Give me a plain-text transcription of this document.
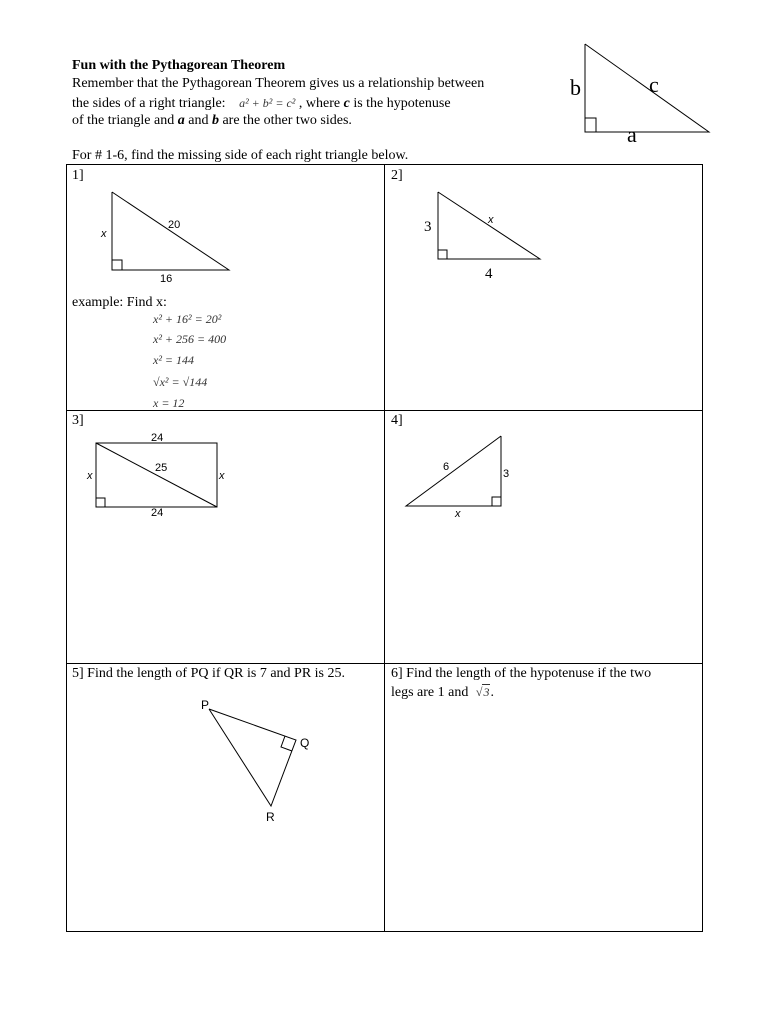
Fun with the Pythagorean Theorem
Remember that the Pythagorean Theorem gives us a relationship between
the sides of a right triangle: a² + b² = c² , where c is the hypotenuse
of the triangle and a and b are the other two sides.
For # 1-6, find the missing side of each right triangle below.
b	c
a
1]
x
20
16
example: Find x:
x² + 16² = 20²
x² + 256 = 400
x² = 144
√x² = √144
x = 12
2]
3	x
4
3]
24
25
x	x
24
4]
6
3
x
5] Find the length of PQ if QR is 7 and PR is 25.
P
Q
R
6] Find the length of the hypotenuse if the two
legs are 1 and √3.
